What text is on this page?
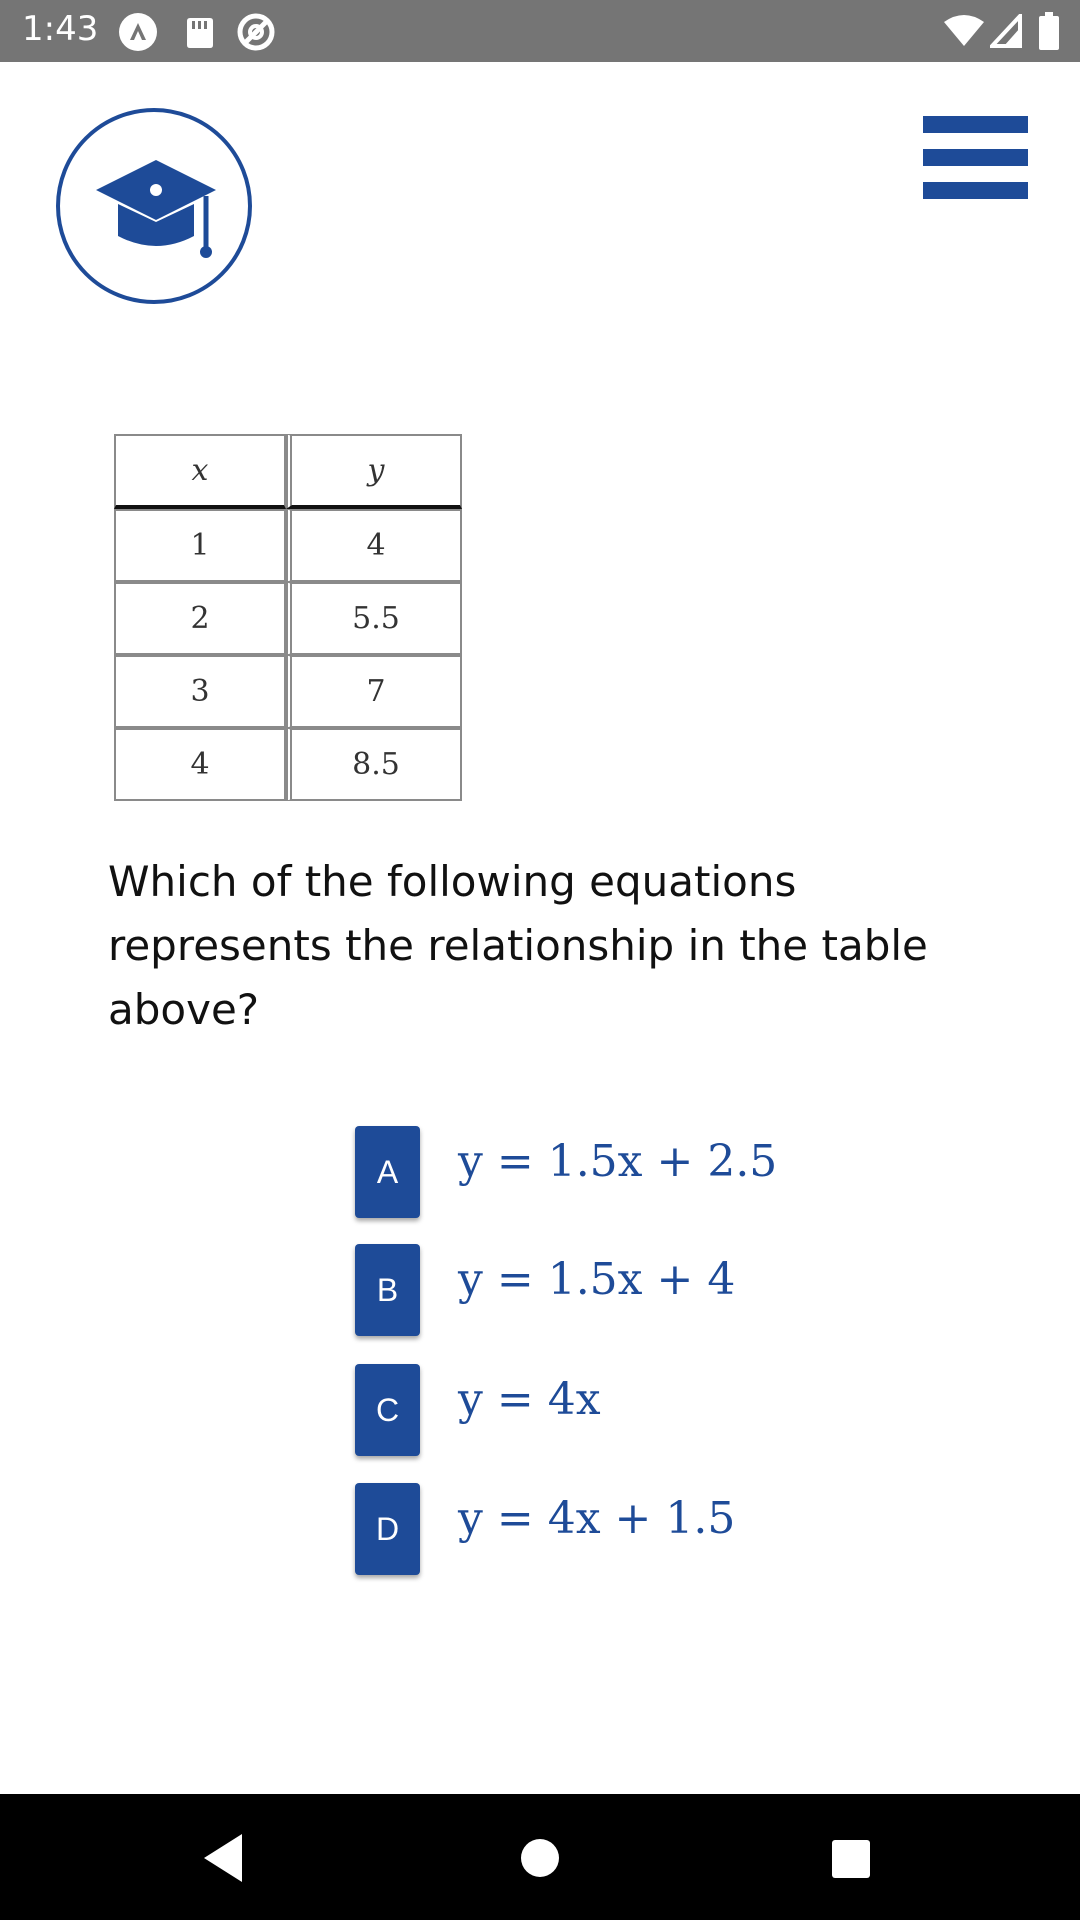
1:43
x	y
1	4
2	5.5
3	7
4	8.5
Which of the following equations represents the relationship in the table above?
A	y = 1.5x + 2.5
B	y = 1.5x + 4
C	y = 4x
D	y = 4x + 1.5
